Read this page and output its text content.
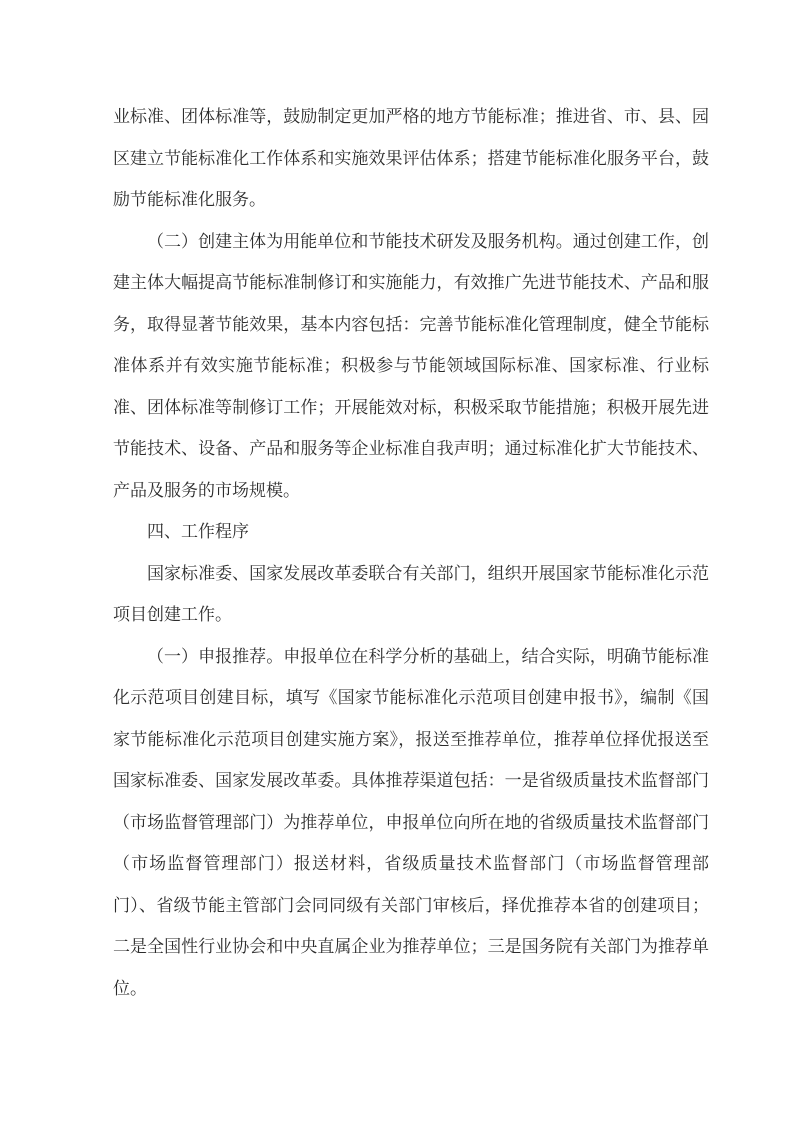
业标准、团体标准等，鼓励制定更加严格的地方节能标准；推进省、市、县、园区建立节能标准化工作体系和实施效果评估体系；搭建节能标准化服务平台，鼓励节能标准化服务。

（二）创建主体为用能单位和节能技术研发及服务机构。通过创建工作，创建主体大幅提高节能标准制修订和实施能力，有效推广先进节能技术、产品和服务，取得显著节能效果，基本内容包括：完善节能标准化管理制度，健全节能标准体系并有效实施节能标准；积极参与节能领域国际标准、国家标准、行业标准、团体标准等制修订工作；开展能效对标，积极采取节能措施；积极开展先进节能技术、设备、产品和服务等企业标准自我声明；通过标准化扩大节能技术、产品及服务的市场规模。

四、工作程序

国家标准委、国家发展改革委联合有关部门，组织开展国家节能标准化示范项目创建工作。

（一）申报推荐。申报单位在科学分析的基础上，结合实际，明确节能标准化示范项目创建目标，填写《国家节能标准化示范项目创建申报书》，编制《国家节能标准化示范项目创建实施方案》，报送至推荐单位，推荐单位择优报送至国家标准委、国家发展改革委。具体推荐渠道包括：一是省级质量技术监督部门（市场监督管理部门）为推荐单位，申报单位向所在地的省级质量技术监督部门（市场监督管理部门）报送材料，省级质量技术监督部门（市场监督管理部门）、省级节能主管部门会同同级有关部门审核后，择优推荐本省的创建项目；二是全国性行业协会和中央直属企业为推荐单位；三是国务院有关部门为推荐单位。
